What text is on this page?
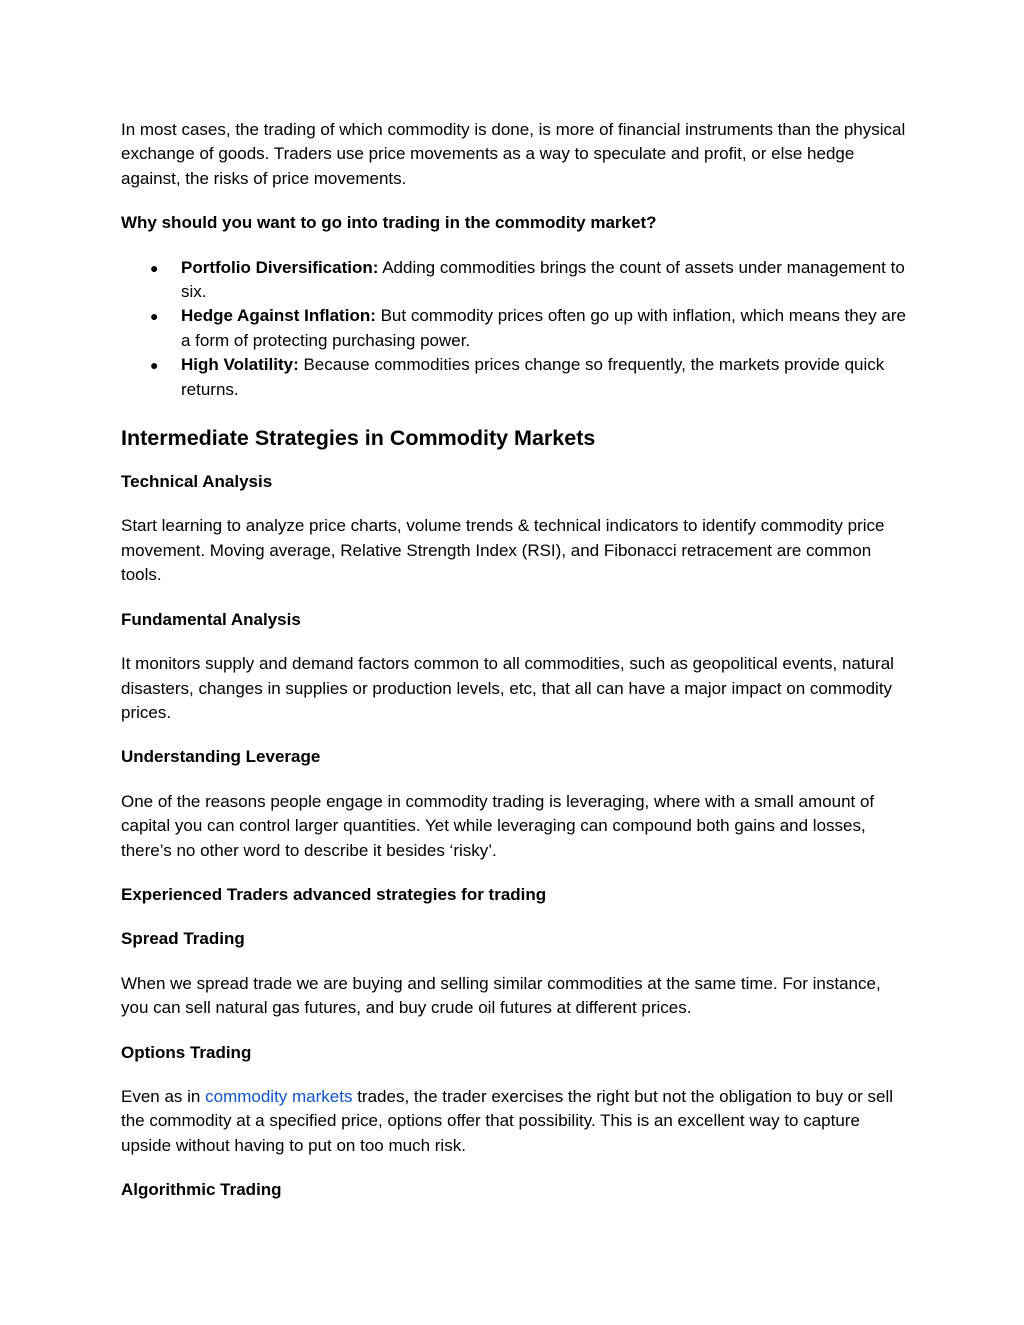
In most cases, the trading of which commodity is done, is more of financial instruments than the physical exchange of goods. Traders use price movements as a way to speculate and profit, or else hedge against, the risks of price movements.

Why should you want to go into trading in the commodity market?

● Portfolio Diversification: Adding commodities brings the count of assets under management to six.
● Hedge Against Inflation: But commodity prices often go up with inflation, which means they are a form of protecting purchasing power.
● High Volatility: Because commodities prices change so frequently, the markets provide quick returns.

Intermediate Strategies in Commodity Markets

Technical Analysis

Start learning to analyze price charts, volume trends & technical indicators to identify commodity price movement. Moving average, Relative Strength Index (RSI), and Fibonacci retracement are common tools.

Fundamental Analysis

It monitors supply and demand factors common to all commodities, such as geopolitical events, natural disasters, changes in supplies or production levels, etc, that all can have a major impact on commodity prices.

Understanding Leverage

One of the reasons people engage in commodity trading is leveraging, where with a small amount of capital you can control larger quantities. Yet while leveraging can compound both gains and losses, there’s no other word to describe it besides ‘risky’.

Experienced Traders advanced strategies for trading

Spread Trading

When we spread trade we are buying and selling similar commodities at the same time. For instance, you can sell natural gas futures, and buy crude oil futures at different prices.

Options Trading

Even as in commodity markets trades, the trader exercises the right but not the obligation to buy or sell the commodity at a specified price, options offer that possibility. This is an excellent way to capture upside without having to put on too much risk.

Algorithmic Trading
